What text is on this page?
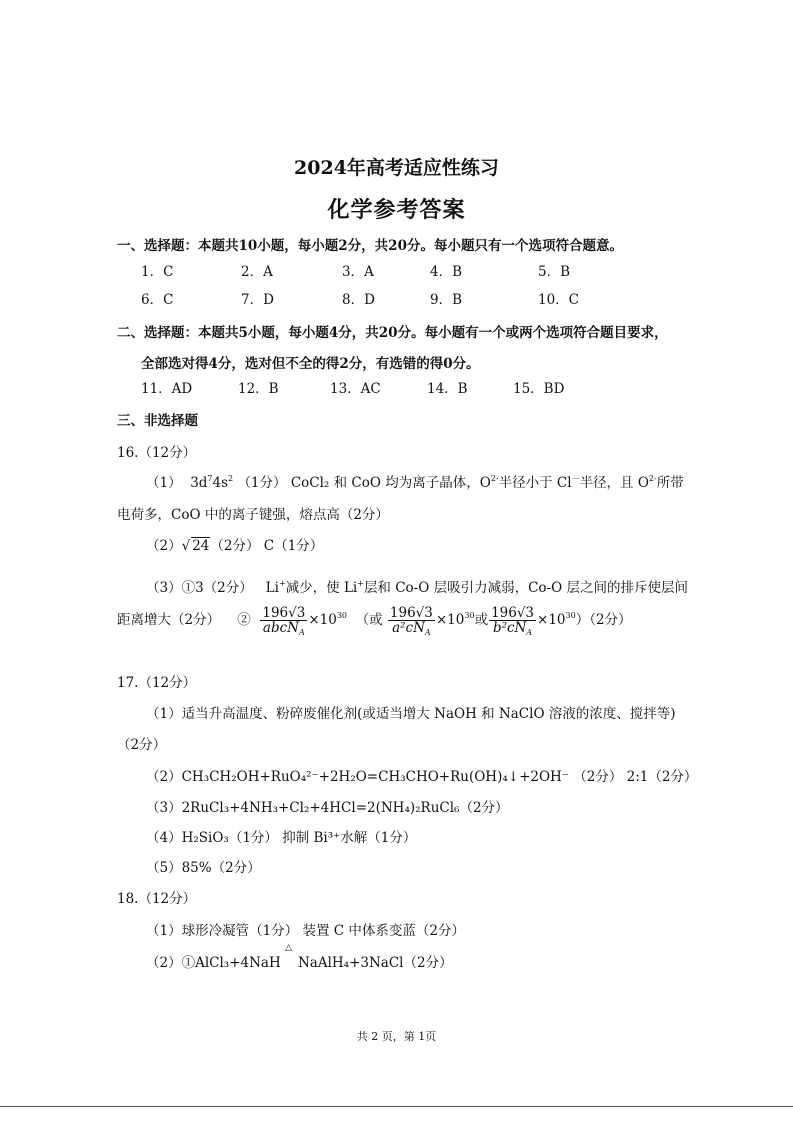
2024年高考适应性练习
化学参考答案
一、选择题：本题共10小题，每小题2分，共20分。每小题只有一个选项符合题意。
1．C	2．A	3．A	4．B	5．B
6．C	7．D	8．D	9．B	10．C
二、选择题：本题共5小题，每小题4分，共20分。每小题有一个或两个选项符合题目要求，
全部选对得4分，选对但不全的得2分，有选错的得0分。
11．AD	12．B	13．AC	14．B	15．BD
三、非选择题
16.（12分）
（1） $3d^74s^2$ （1分） CoCl₂ 和 CoO 均为离子晶体，$O^{2-}$半径小于 Cl－半径，且 $O^{2-}$所带
电荷多，CoO 中的离子键强，熔点高（2分）
（2）√ 24（2分） C（1分）
（3）①3（2分） Li+减少，使 Li+层和 Co-O 层吸引力减弱，Co-O 层之间的排斥使层间
距离增大（2分） ② $\frac{196√3}{abcN_A} \times 10^{30}$ （或 $\frac{196√3}{a^2cN_A} \times 10^{30}$或 $\frac{196√3}{b^2cN_A} \times 10^{30})(2$分）
17.（12分）
（1）适当升高温度、粉碎废催化剂(或适当增大 NaOH 和 NaClO 溶液的浓度、搅拌等)
（2分）
（2）CH₃CH₂OH+RuO₄²⁻+2H₂O=CH₃CHO+Ru(OH)₄↓+2OH⁻ （2分） 2:1（2分）
（3）2RuCl₃+4NH₃+Cl₂+4HCl=2(NH₄)₂RuCl₆（2分）
（4）H₂SiO₃（1分） 抑制 Bi³⁺水解（1分）
（5）85%（2分）
18.（12分）
（1）球形冷凝管（1分） 装置 C 中体系变蓝（2分）
（2）①AlCl₃+4NaH △ NaAlH₄+3NaCl（2分）
共 2 页，第 1页
